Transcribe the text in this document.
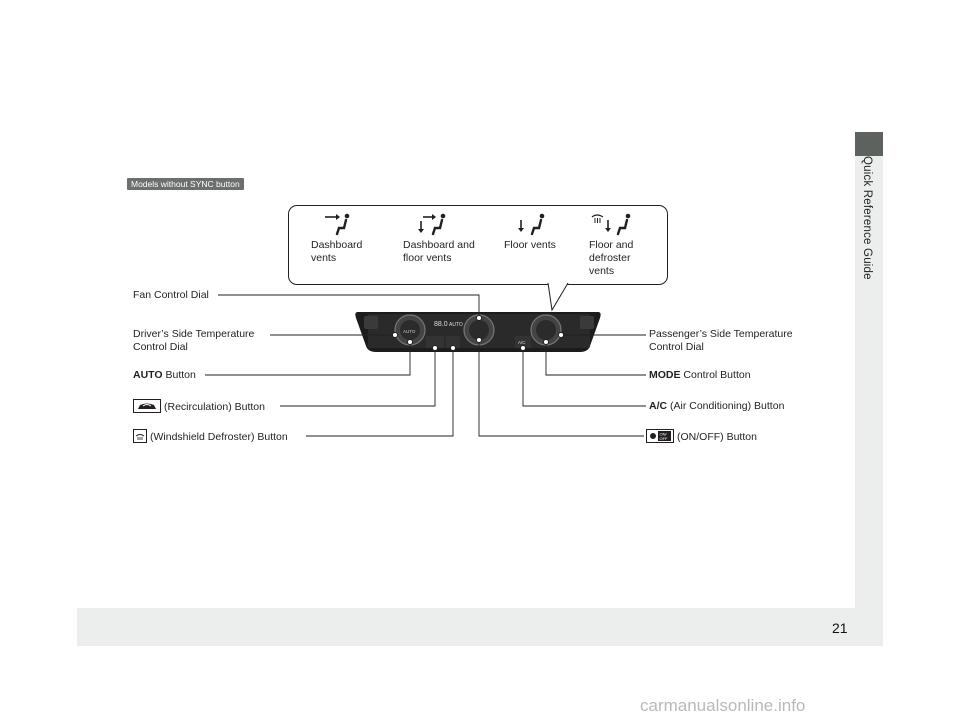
Quick Reference Guide
21
carmanualsonline.info
Models without SYNC button
Dashboard
vents
Dashboard and
floor vents
Floor vents	Floor and
defroster
vents
88.0 AUTO
AUTO
A/C
Fan Control Dial
Driver’s Side Temperature
Control Dial
AUTO Button
(Recirculation) Button
(Windshield Defroster) Button
Passenger’s Side Temperature
Control Dial
MODE Control Button
A/C (Air Conditioning) Button
ON/
OFF (ON/OFF) Button
